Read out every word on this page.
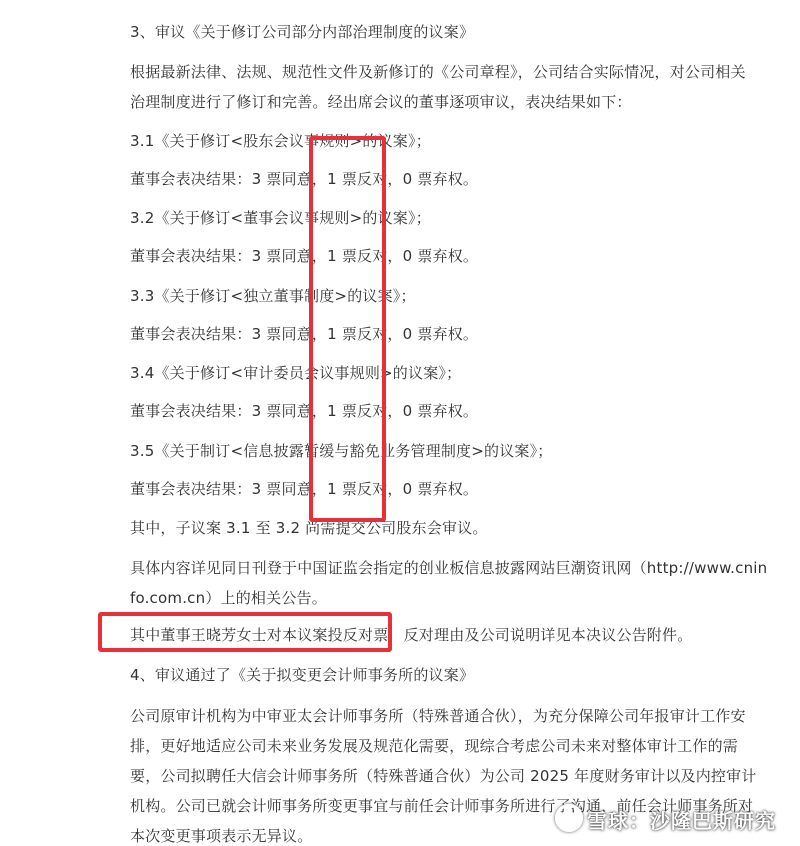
3、审议《关于修订公司部分内部治理制度的议案》
根据最新法律、法规、规范性文件及新修订的《公司章程》，公司结合实际情况，对公司相关
治理制度进行了修订和完善。经出席会议的董事逐项审议，表决结果如下：
3.1《关于修订<股东会议事规则>的议案》；
董事会表决结果：3 票同意，1 票反对，0 票弃权。
3.2《关于修订<董事会议事规则>的议案》；
董事会表决结果：3 票同意，1 票反对，0 票弃权。
3.3《关于修订<独立董事制度>的议案》；
董事会表决结果：3 票同意，1 票反对，0 票弃权。
3.4《关于修订<审计委员会议事规则>的议案》；
董事会表决结果：3 票同意，1 票反对，0 票弃权。
3.5《关于制订<信息披露暂缓与豁免业务管理制度>的议案》；
董事会表决结果：3 票同意，1 票反对，0 票弃权。
其中，子议案 3.1 至 3.2 尚需提交公司股东会审议。
具体内容详见同日刊登于中国证监会指定的创业板信息披露网站巨潮资讯网（http://www.cnin
fo.com.cn）上的相关公告。
其中董事王晓芳女士对本议案投反对票，反对理由及公司说明详见本决议公告附件。
4、审议通过了《关于拟变更会计师事务所的议案》
公司原审计机构为中审亚太会计师事务所（特殊普通合伙），为充分保障公司年报审计工作安
排，更好地适应公司未来业务发展及规范化需要，现综合考虑公司未来对整体审计工作的需
要，公司拟聘任大信会计师事务所（特殊普通合伙）为公司 2025 年度财务审计以及内控审计
机构。公司已就会计师事务所变更事宜与前任会计师事务所进行了沟通，前任会计师事务所对
本次变更事项表示无异议。
雪球：沙隆巴斯研究
